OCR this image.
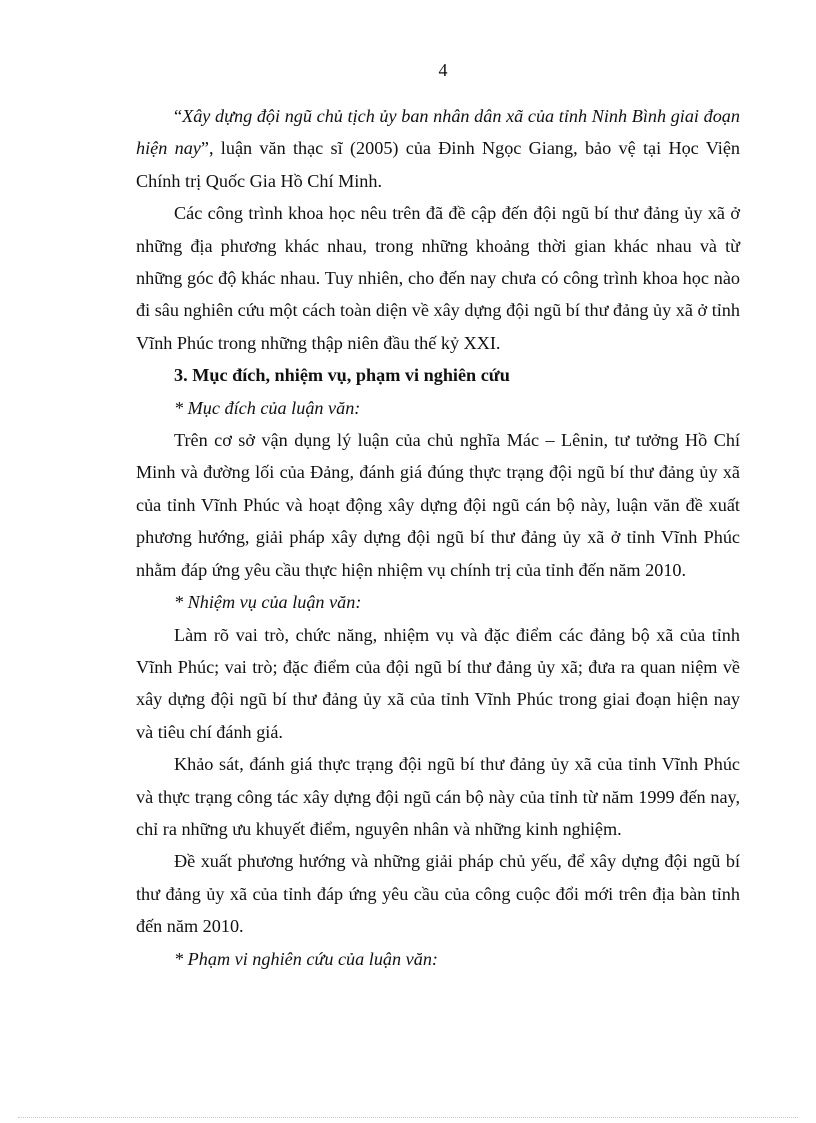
4

“Xây dựng đội ngũ chủ tịch ủy ban nhân dân xã của tỉnh Ninh Bình giai đoạn hiện nay”, luận văn thạc sĩ (2005) của Đinh Ngọc Giang, bảo vệ tại Học Viện Chính trị Quốc Gia Hồ Chí Minh.

Các công trình khoa học nêu trên đã đề cập đến đội ngũ bí thư đảng ủy xã ở những địa phương khác nhau, trong những khoảng thời gian khác nhau và từ những góc độ khác nhau. Tuy nhiên, cho đến nay chưa có công trình khoa học nào đi sâu nghiên cứu một cách toàn diện về xây dựng đội ngũ bí thư đảng ủy xã ở tỉnh Vĩnh Phúc trong những thập niên đầu thế kỷ XXI.

3. Mục đích, nhiệm vụ, phạm vi nghiên cứu

* Mục đích của luận văn:

Trên cơ sở vận dụng lý luận của chủ nghĩa Mác – Lênin, tư tưởng Hồ Chí Minh và đường lối của Đảng, đánh giá đúng thực trạng đội ngũ bí thư đảng ủy xã của tỉnh Vĩnh Phúc và hoạt động xây dựng đội ngũ cán bộ này, luận văn đề xuất phương hướng, giải pháp xây dựng đội ngũ bí thư đảng ủy xã ở tỉnh Vĩnh Phúc nhằm đáp ứng yêu cầu thực hiện nhiệm vụ chính trị của tỉnh đến năm 2010.

* Nhiệm vụ của luận văn:

Làm rõ vai trò, chức năng, nhiệm vụ và đặc điểm các đảng bộ xã của tỉnh Vĩnh Phúc; vai trò; đặc điểm của đội ngũ bí thư đảng ủy xã; đưa ra quan niệm về xây dựng đội ngũ bí thư đảng ủy xã của tỉnh Vĩnh Phúc trong giai đoạn hiện nay và tiêu chí đánh giá.

Khảo sát, đánh giá thực trạng đội ngũ bí thư đảng ủy xã của tỉnh Vĩnh Phúc và thực trạng công tác xây dựng đội ngũ cán bộ này của tỉnh từ năm 1999 đến nay, chỉ ra những ưu khuyết điểm, nguyên nhân và những kinh nghiệm.

Đề xuất phương hướng và những giải pháp chủ yếu, để xây dựng đội ngũ bí thư đảng ủy xã của tỉnh đáp ứng yêu cầu của công cuộc đổi mới trên địa bàn tỉnh đến năm 2010.

* Phạm vi nghiên cứu của luận văn:
